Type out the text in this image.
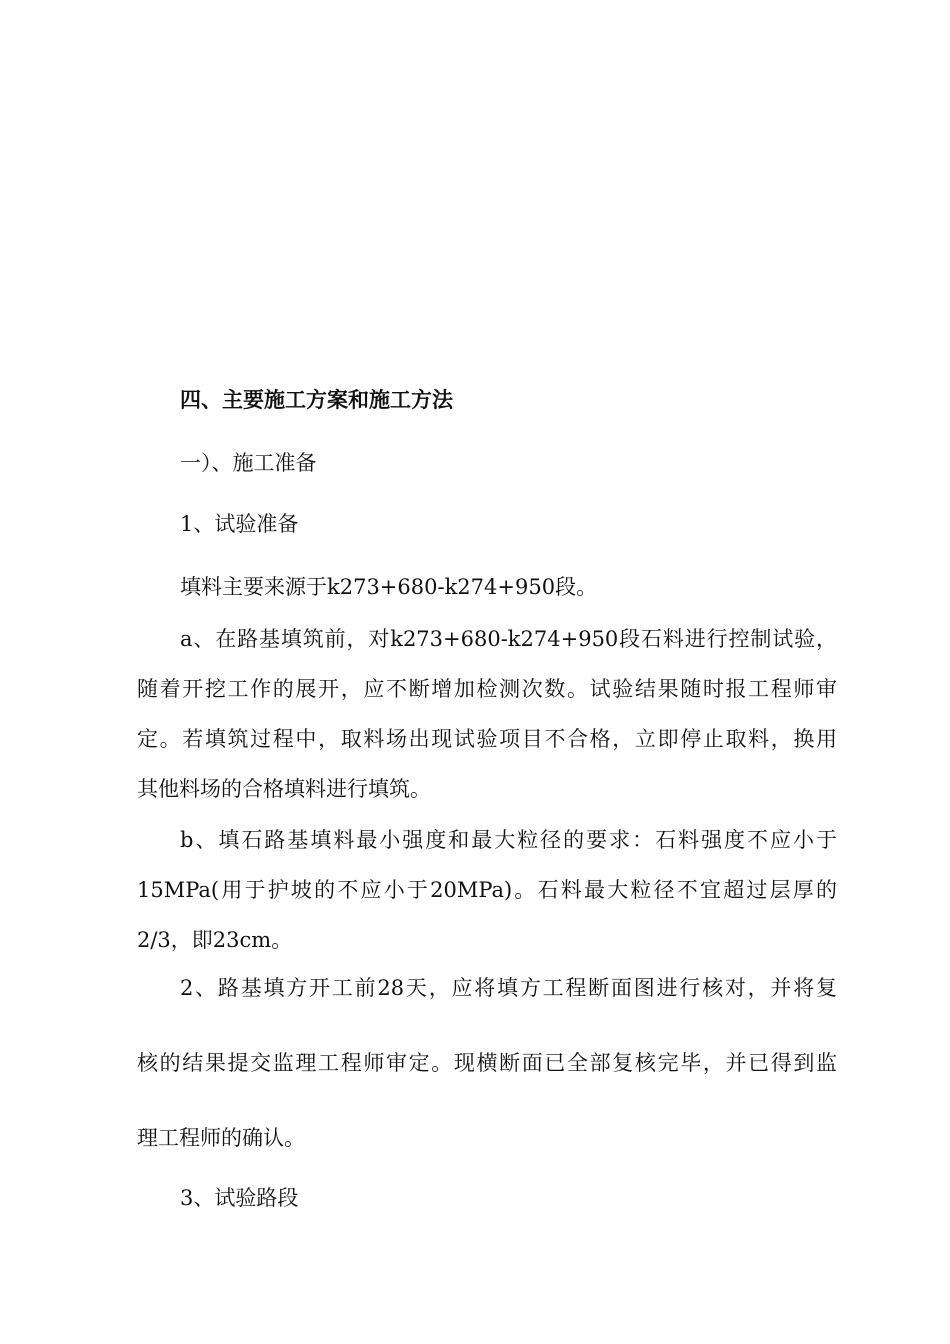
四、主要施工方案和施工方法

一）、施工准备

1、试验准备

填料主要来源于k273+680-k274+950段。

a、在路基填筑前，对k273+680-k274+950段石料进行控制试验，

随着开挖工作的展开，应不断增加检测次数。试验结果随时报工程师审

定。若填筑过程中，取料场出现试验项目不合格，立即停止取料，换用

其他料场的合格填料进行填筑。

b、填石路基填料最小强度和最大粒径的要求：石料强度不应小于

15MPa(用于护坡的不应小于20MPa)。石料最大粒径不宜超过层厚的

2/3，即23cm。

2、路基填方开工前28天，应将填方工程断面图进行核对，并将复

核的结果提交监理工程师审定。现横断面已全部复核完毕，并已得到监

理工程师的确认。

3、试验路段
